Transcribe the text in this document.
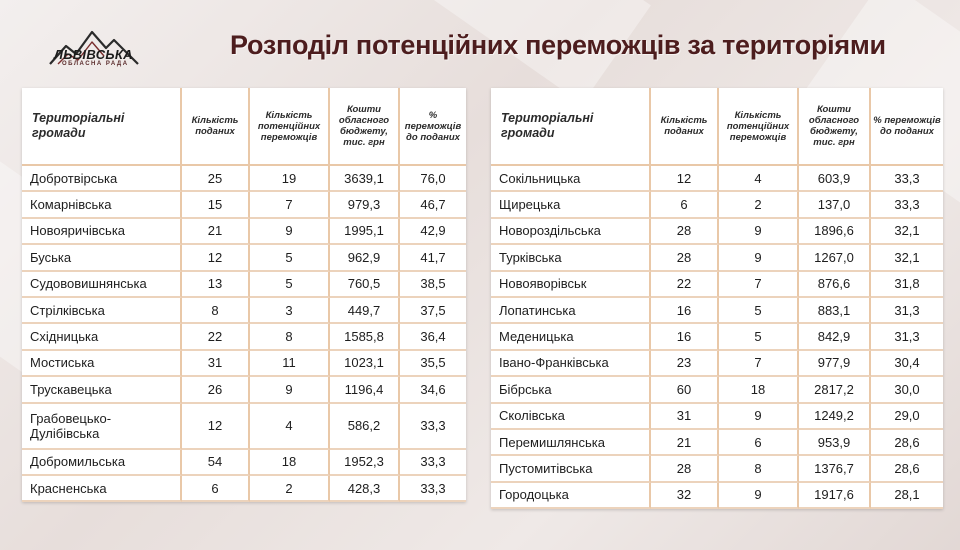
ЛЬВІВСЬКА
ОБЛАСНА РАДА
Розподіл потенційних переможців за територіями
Територіальні громади	Кількість поданих	Кількість потенційних переможців	Кошти обласного бюджету, тис. грн	% переможців до поданих
Добротвірська	25	19	3639,1	76,0
Комарнівська	15	7	979,3	46,7
Новояричівська	21	9	1995,1	42,9
Буська	12	5	962,9	41,7
Судововишнянська	13	5	760,5	38,5
Стрілківська	8	3	449,7	37,5
Східницька	22	8	1585,8	36,4
Мостиська	31	11	1023,1	35,5
Трускавецька	26	9	1196,4	34,6
Грабовецько-Дулібівська	12	4	586,2	33,3
Добромильська	54	18	1952,3	33,3
Красненська	6	2	428,3	33,3
Територіальні громади	Кількість поданих	Кількість потенційних переможців	Кошти обласного бюджету, тис. грн	% переможців до поданих
Сокільницька	12	4	603,9	33,3
Щирецька	6	2	137,0	33,3
Новороздільська	28	9	1896,6	32,1
Турківська	28	9	1267,0	32,1
Новояворівськ	22	7	876,6	31,8
Лопатинська	16	5	883,1	31,3
Меденицька	16	5	842,9	31,3
Івано-Франківська	23	7	977,9	30,4
Бібрська	60	18	2817,2	30,0
Сколівська	31	9	1249,2	29,0
Перемишлянська	21	6	953,9	28,6
Пустомитівська	28	8	1376,7	28,6
Городоцька	32	9	1917,6	28,1
